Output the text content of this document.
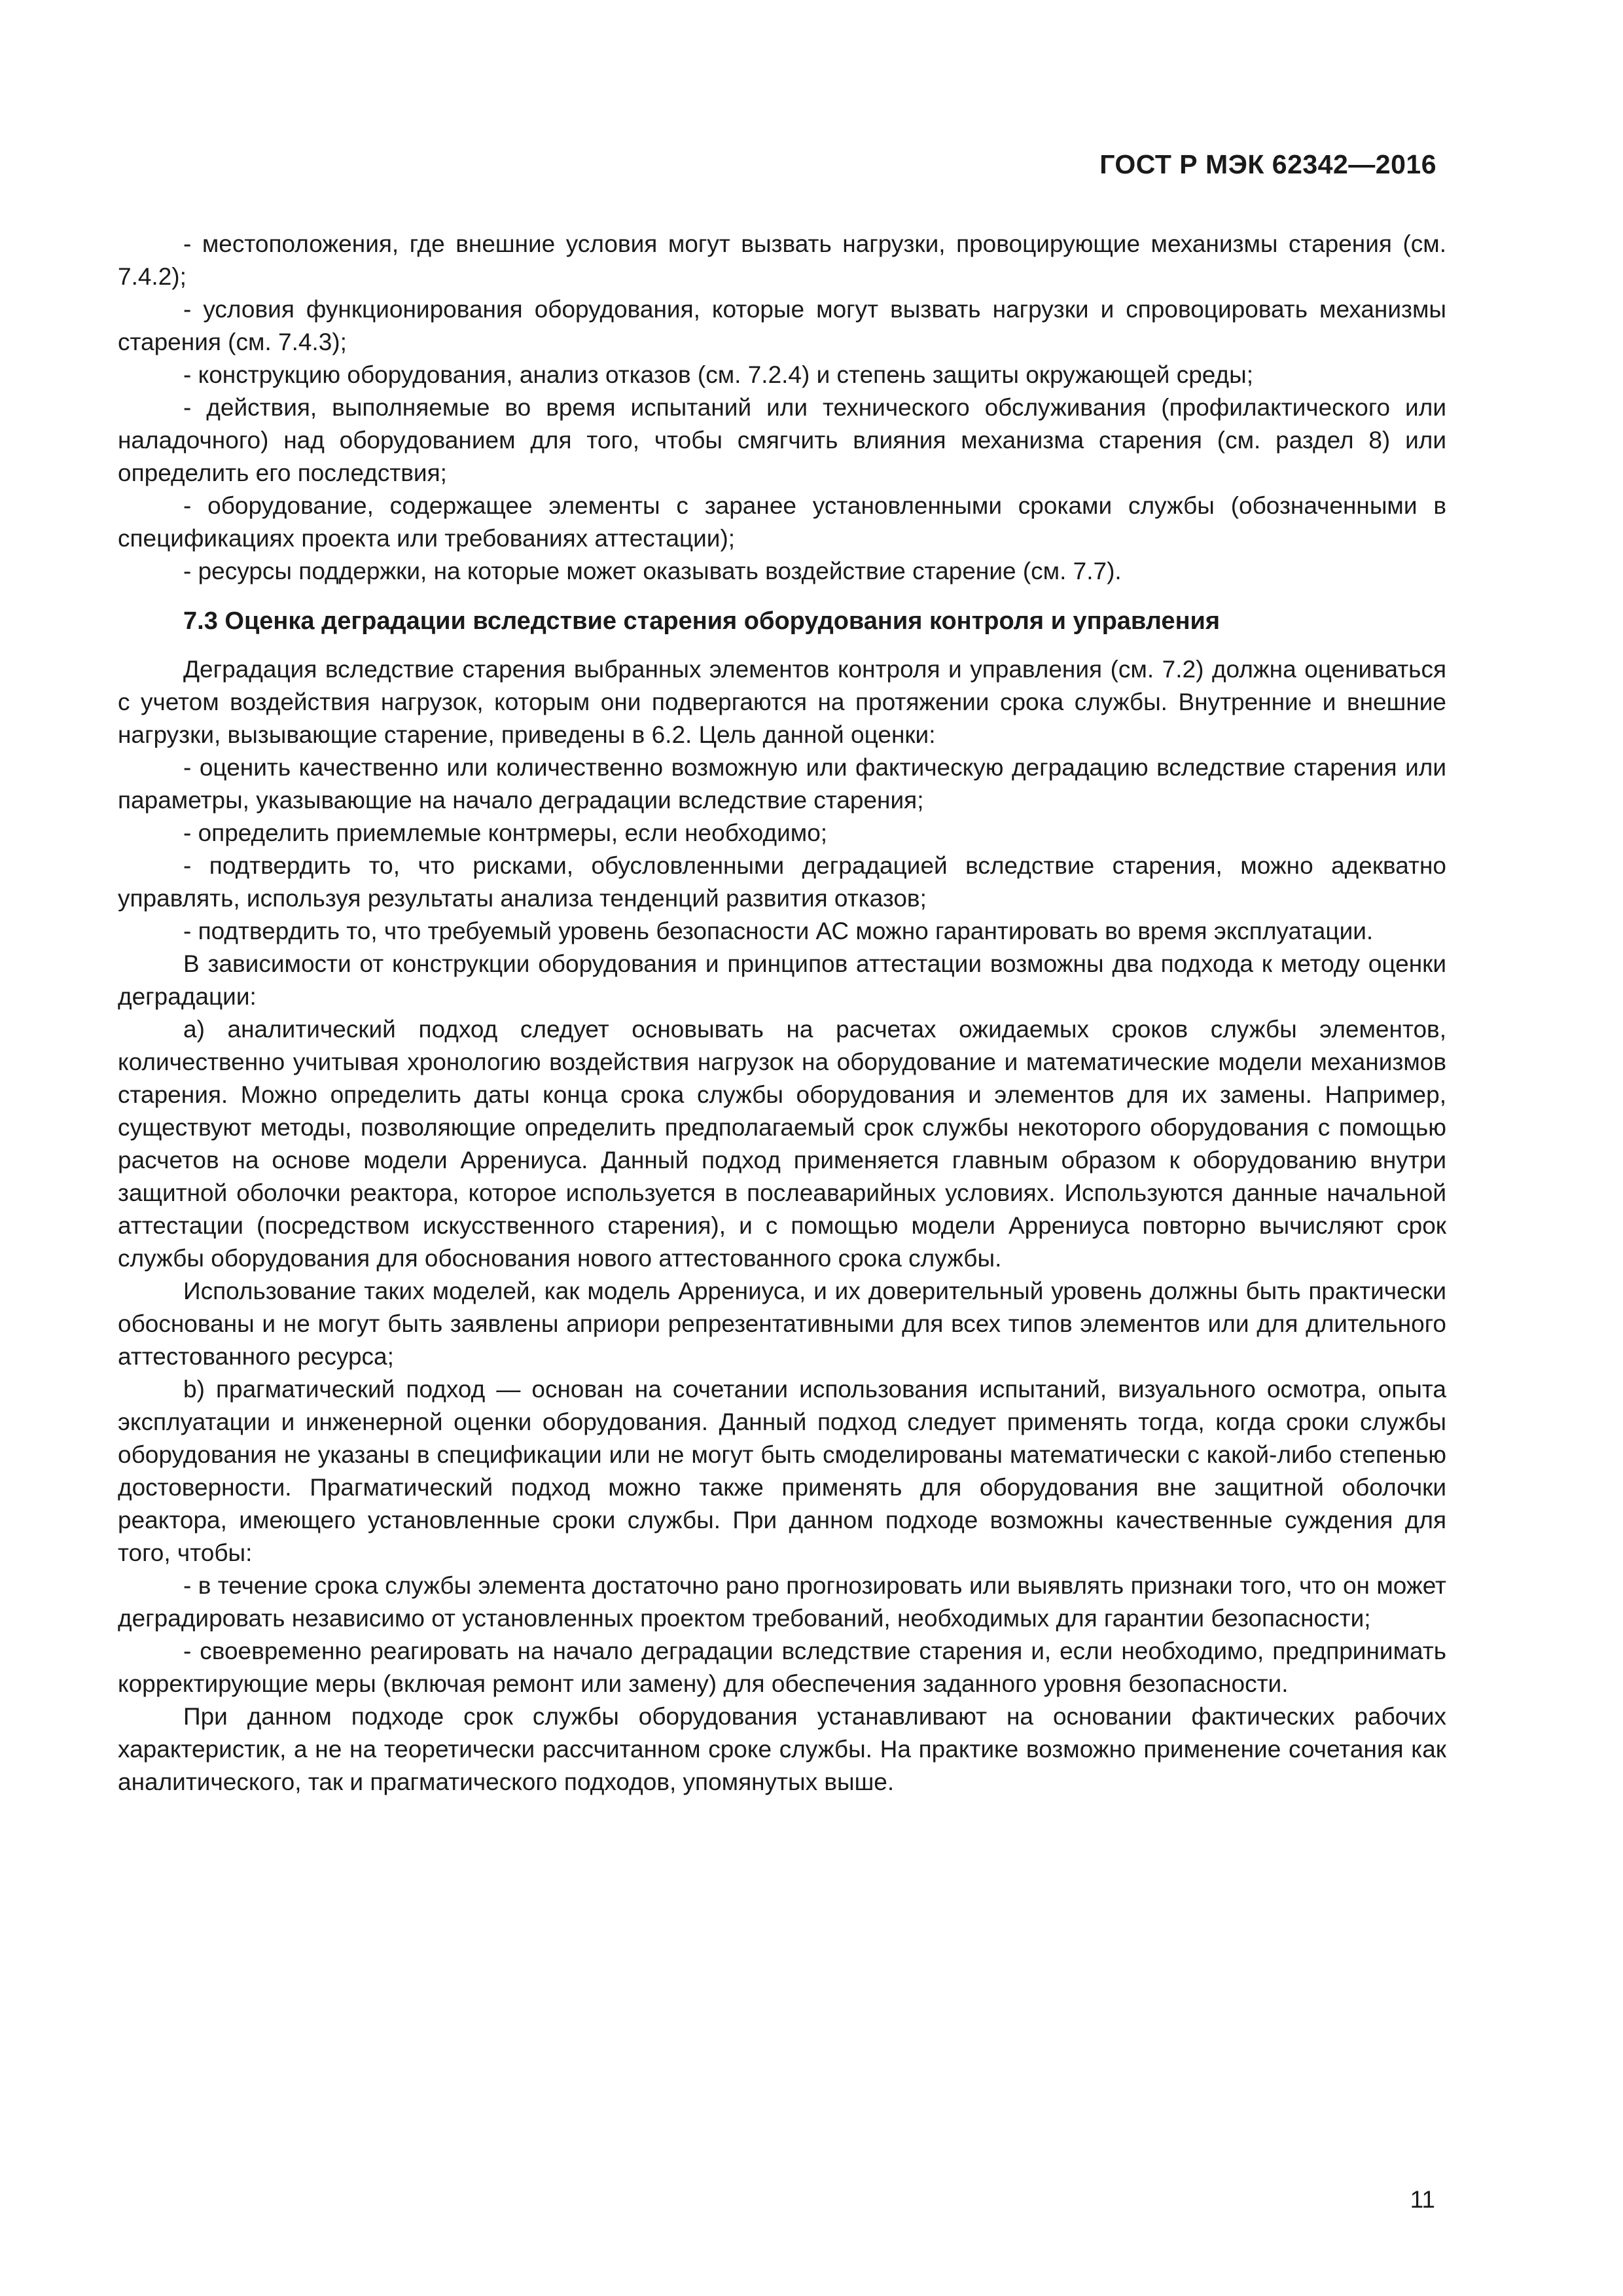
ГОСТ Р МЭК 62342—2016

- местоположения, где внешние условия могут вызвать нагрузки, провоцирующие механизмы старения (см. 7.4.2);

- условия функционирования оборудования, которые могут вызвать нагрузки и спровоцировать механизмы старения (см. 7.4.3);

- конструкцию оборудования, анализ отказов (см. 7.2.4) и степень защиты окружающей среды;

- действия, выполняемые во время испытаний или технического обслуживания (профилактического или наладочного) над оборудованием для того, чтобы смягчить влияния механизма старения (см. раздел 8) или определить его последствия;

- оборудование, содержащее элементы с заранее установленными сроками службы (обозначенными в спецификациях проекта или требованиях аттестации);

- ресурсы поддержки, на которые может оказывать воздействие старение (см. 7.7).

7.3 Оценка деградации вследствие старения оборудования контроля и управления

Деградация вследствие старения выбранных элементов контроля и управления (см. 7.2) должна оцениваться с учетом воздействия нагрузок, которым они подвергаются на протяжении срока службы. Внутренние и внешние нагрузки, вызывающие старение, приведены в 6.2. Цель данной оценки:

- оценить качественно или количественно возможную или фактическую деградацию вследствие старения или параметры, указывающие на начало деградации вследствие старения;

- определить приемлемые контрмеры, если необходимо;

- подтвердить то, что рисками, обусловленными деградацией вследствие старения, можно адекватно управлять, используя результаты анализа тенденций развития отказов;

- подтвердить то, что требуемый уровень безопасности АС можно гарантировать во время эксплуатации.

В зависимости от конструкции оборудования и принципов аттестации возможны два подхода к методу оценки деградации:

a) аналитический подход следует основывать на расчетах ожидаемых сроков службы элементов, количественно учитывая хронологию воздействия нагрузок на оборудование и математические модели механизмов старения. Можно определить даты конца срока службы оборудования и элементов для их замены. Например, существуют методы, позволяющие определить предполагаемый срок службы некоторого оборудования с помощью расчетов на основе модели Аррениуса. Данный подход применяется главным образом к оборудованию внутри защитной оболочки реактора, которое используется в послеаварийных условиях. Используются данные начальной аттестации (посредством искусственного старения), и с помощью модели Аррениуса повторно вычисляют срок службы оборудования для обоснования нового аттестованного срока службы.

Использование таких моделей, как модель Аррениуса, и их доверительный уровень должны быть практически обоснованы и не могут быть заявлены априори репрезентативными для всех типов элементов или для длительного аттестованного ресурса;

b) прагматический подход — основан на сочетании использования испытаний, визуального осмотра, опыта эксплуатации и инженерной оценки оборудования. Данный подход следует применять тогда, когда сроки службы оборудования не указаны в спецификации или не могут быть смоделированы математически с какой-либо степенью достоверности. Прагматический подход можно также применять для оборудования вне защитной оболочки реактора, имеющего установленные сроки службы. При данном подходе возможны качественные суждения для того, чтобы:

- в течение срока службы элемента достаточно рано прогнозировать или выявлять признаки того, что он может деградировать независимо от установленных проектом требований, необходимых для гарантии безопасности;

- своевременно реагировать на начало деградации вследствие старения и, если необходимо, предпринимать корректирующие меры (включая ремонт или замену) для обеспечения заданного уровня безопасности.

При данном подходе срок службы оборудования устанавливают на основании фактических рабочих характеристик, а не на теоретически рассчитанном сроке службы. На практике возможно применение сочетания как аналитического, так и прагматического подходов, упомянутых выше.

11
